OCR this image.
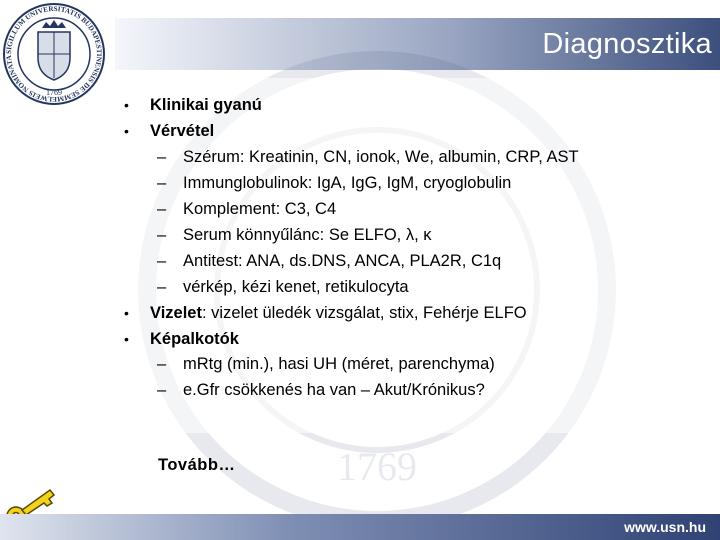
Diagnosztika
SIGILLUM UNIVERSITATIS BUDAPESTINENSIS DE SEMMELWEIS NOMINATA
1769
1769
• Klinikai gyanú
• Vérvétel
– Szérum: Kreatinin, CN, ionok, We, albumin, CRP, AST
– Immunglobulinok: IgA, IgG, IgM, cryoglobulin
– Komplement: C3, C4
– Serum könnyűlánc: Se ELFO, λ, κ
– Antitest: ANA, ds.DNS, ANCA, PLA2R, C1q
– vérkép, kézi kenet, retikulocyta
• Vizelet: vizelet üledék vizsgálat, stix, Fehérje ELFO
• Képalkotók
– mRtg (min.), hasi UH (méret, parenchyma)
– e.Gfr csökkenés ha van – Akut/Krónikus?
Tovább…
www.usn.hu
